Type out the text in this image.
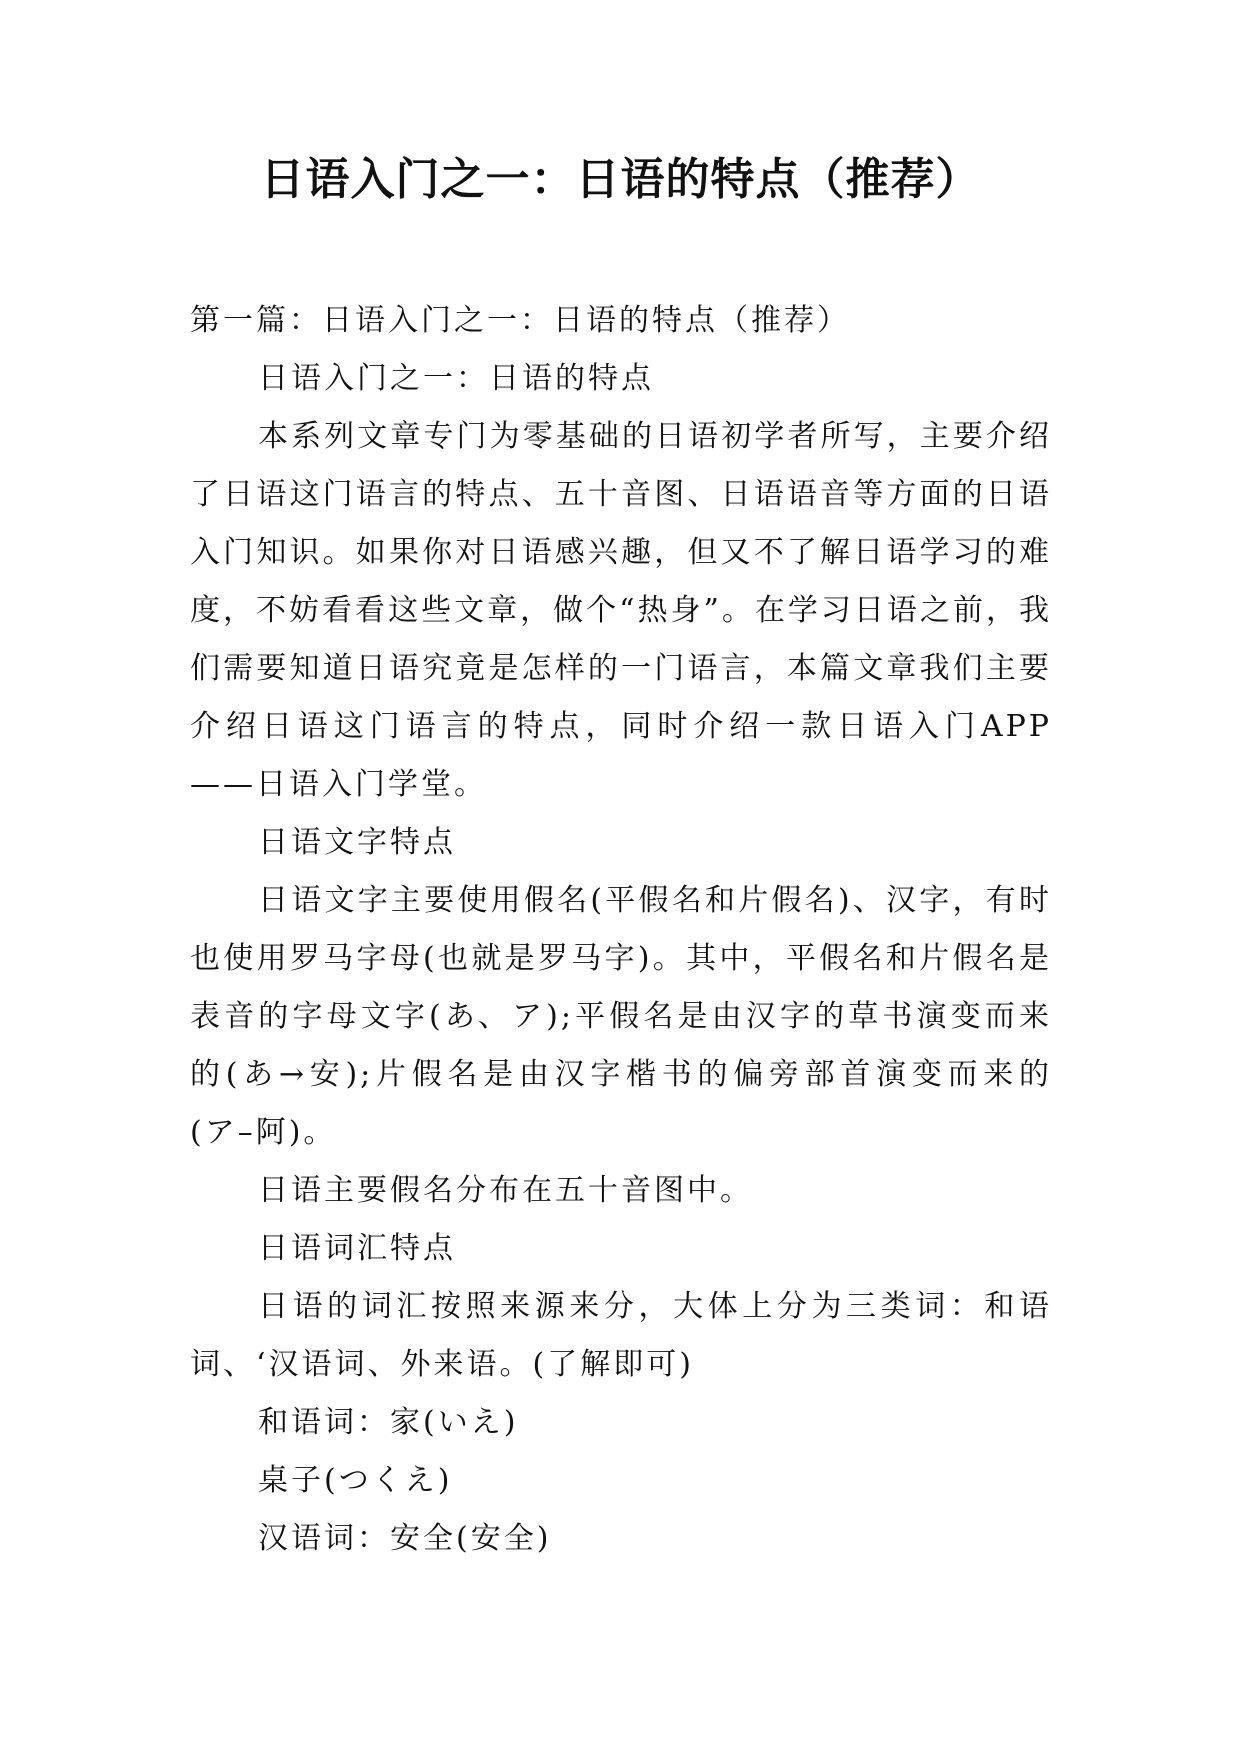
日语入门之一：日语的特点（推荐）

第一篇：日语入门之一：日语的特点（推荐）

日语入门之一：日语的特点

本系列文章专门为零基础的日语初学者所写，主要介绍了日语这门语言的特点、五十音图、日语语音等方面的日语入门知识。如果你对日语感兴趣，但又不了解日语学习的难度，不妨看看这些文章，做个“热身”。在学习日语之前，我们需要知道日语究竟是怎样的一门语言，本篇文章我们主要介绍日语这门语言的特点，同时介绍一款日语入门APP——日语入门学堂。

日语文字特点

日语文字主要使用假名(平假名和片假名)、汉字，有时也使用罗马字母(也就是罗马字)。其中，平假名和片假名是表音的字母文字(あ、ア);平假名是由汉字的草书演变而来的(あ→安);片假名是由汉字楷书的偏旁部首演变而来的(ア–阿)。

日语主要假名分布在五十音图中。

日语词汇特点

日语的词汇按照来源来分，大体上分为三类词：和语词、‘汉语词、外来语。(了解即可)

和语词：家(いえ)

桌子(つくえ)

汉语词：安全(安全)
